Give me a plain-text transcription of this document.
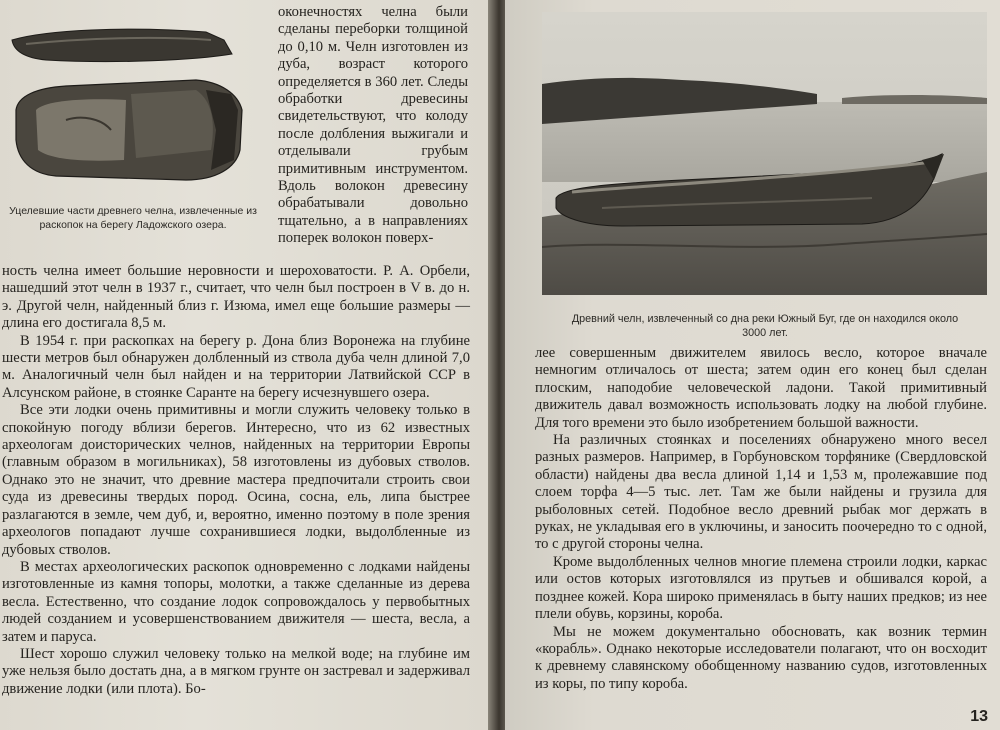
Уцелевшие части древнего челна, извлеченные из раскопок на берегу Ладожского озера.

оконечностях челна были сделаны переборки толщиной до 0,10 м. Челн изготовлен из дуба, возраст которого определяется в 360 лет. Следы обработки древесины свидетельствуют, что колоду после долбления выжигали и отделывали грубым примитивным инструментом. Вдоль волокон древесину обрабатывали довольно тщательно, а в направлениях поперек волокон поверх-

ность челна имеет большие неровности и шероховатости. Р. А. Орбели, нашедший этот челн в 1937 г., считает, что челн был построен в V в. до н. э. Другой челн, найденный близ г. Изюма, имел еще большие размеры — длина его достигала 8,5 м.

В 1954 г. при раскопках на берегу р. Дона близ Воронежа на глубине шести метров был обнаружен долбленный из ствола дуба челн длиной 7,0 м. Аналогичный челн был найден и на территории Латвийской ССР в Алсунском районе, в стоянке Саранте на берегу исчезнувшего озера.

Все эти лодки очень примитивны и могли служить человеку только в спокойную погоду вблизи берегов. Интересно, что из 62 известных археологам доисторических челнов, найденных на территории Европы (главным образом в могильниках), 58 изготовлены из дубовых стволов. Однако это не значит, что древние мастера предпочитали строить свои суда из древесины твердых пород. Осина, сосна, ель, липа быстрее разлагаются в земле, чем дуб, и, вероятно, именно поэтому в поле зрения археологов попадают лучше сохранившиеся лодки, выдолбленные из дубовых стволов.

В местах археологических раскопок одновременно с лодками найдены изготовленные из камня топоры, молотки, а также сделанные из дерева весла. Естественно, что создание лодок сопровождалось у первобытных людей созданием и усовершенствованием движителя — шеста, весла, а затем и паруса.

Шест хорошо служил человеку только на мелкой воде; на глубине им уже нельзя было достать дна, а в мягком грунте он застревал и задерживал движение лодки (или плота). Бо-

Древний челн, извлеченный со дна реки Южный Буг, где он находился около 3000 лет.

лее совершенным движителем явилось весло, которое вначале немногим отличалось от шеста; затем один его конец был сделан плоским, наподобие человеческой ладони. Такой примитивный движитель давал возможность использовать лодку на любой глубине. Для того времени это было изобретением большой важности.

На различных стоянках и поселениях обнаружено много весел разных размеров. Например, в Горбуновском торфянике (Свердловской области) найдены два весла длиной 1,14 и 1,53 м, пролежавшие под слоем торфа 4—5 тыс. лет. Там же были найдены и грузила для рыболовных сетей. Подобное весло древний рыбак мог держать в руках, не укладывая его в уключины, и заносить поочередно то с одной, то с другой стороны челна.

Кроме выдолбленных челнов многие племена строили лодки, каркас или остов которых изготовлялся из прутьев и обшивался корой, а позднее кожей. Кора широко применялась в быту наших предков; из нее плели обувь, корзины, короба.

Мы не можем документально обосновать, как возник термин «корабль». Однако некоторые исследователи полагают, что он восходит к древнему славянскому обобщенному названию судов, изготовленных из коры, по типу короба.

13
